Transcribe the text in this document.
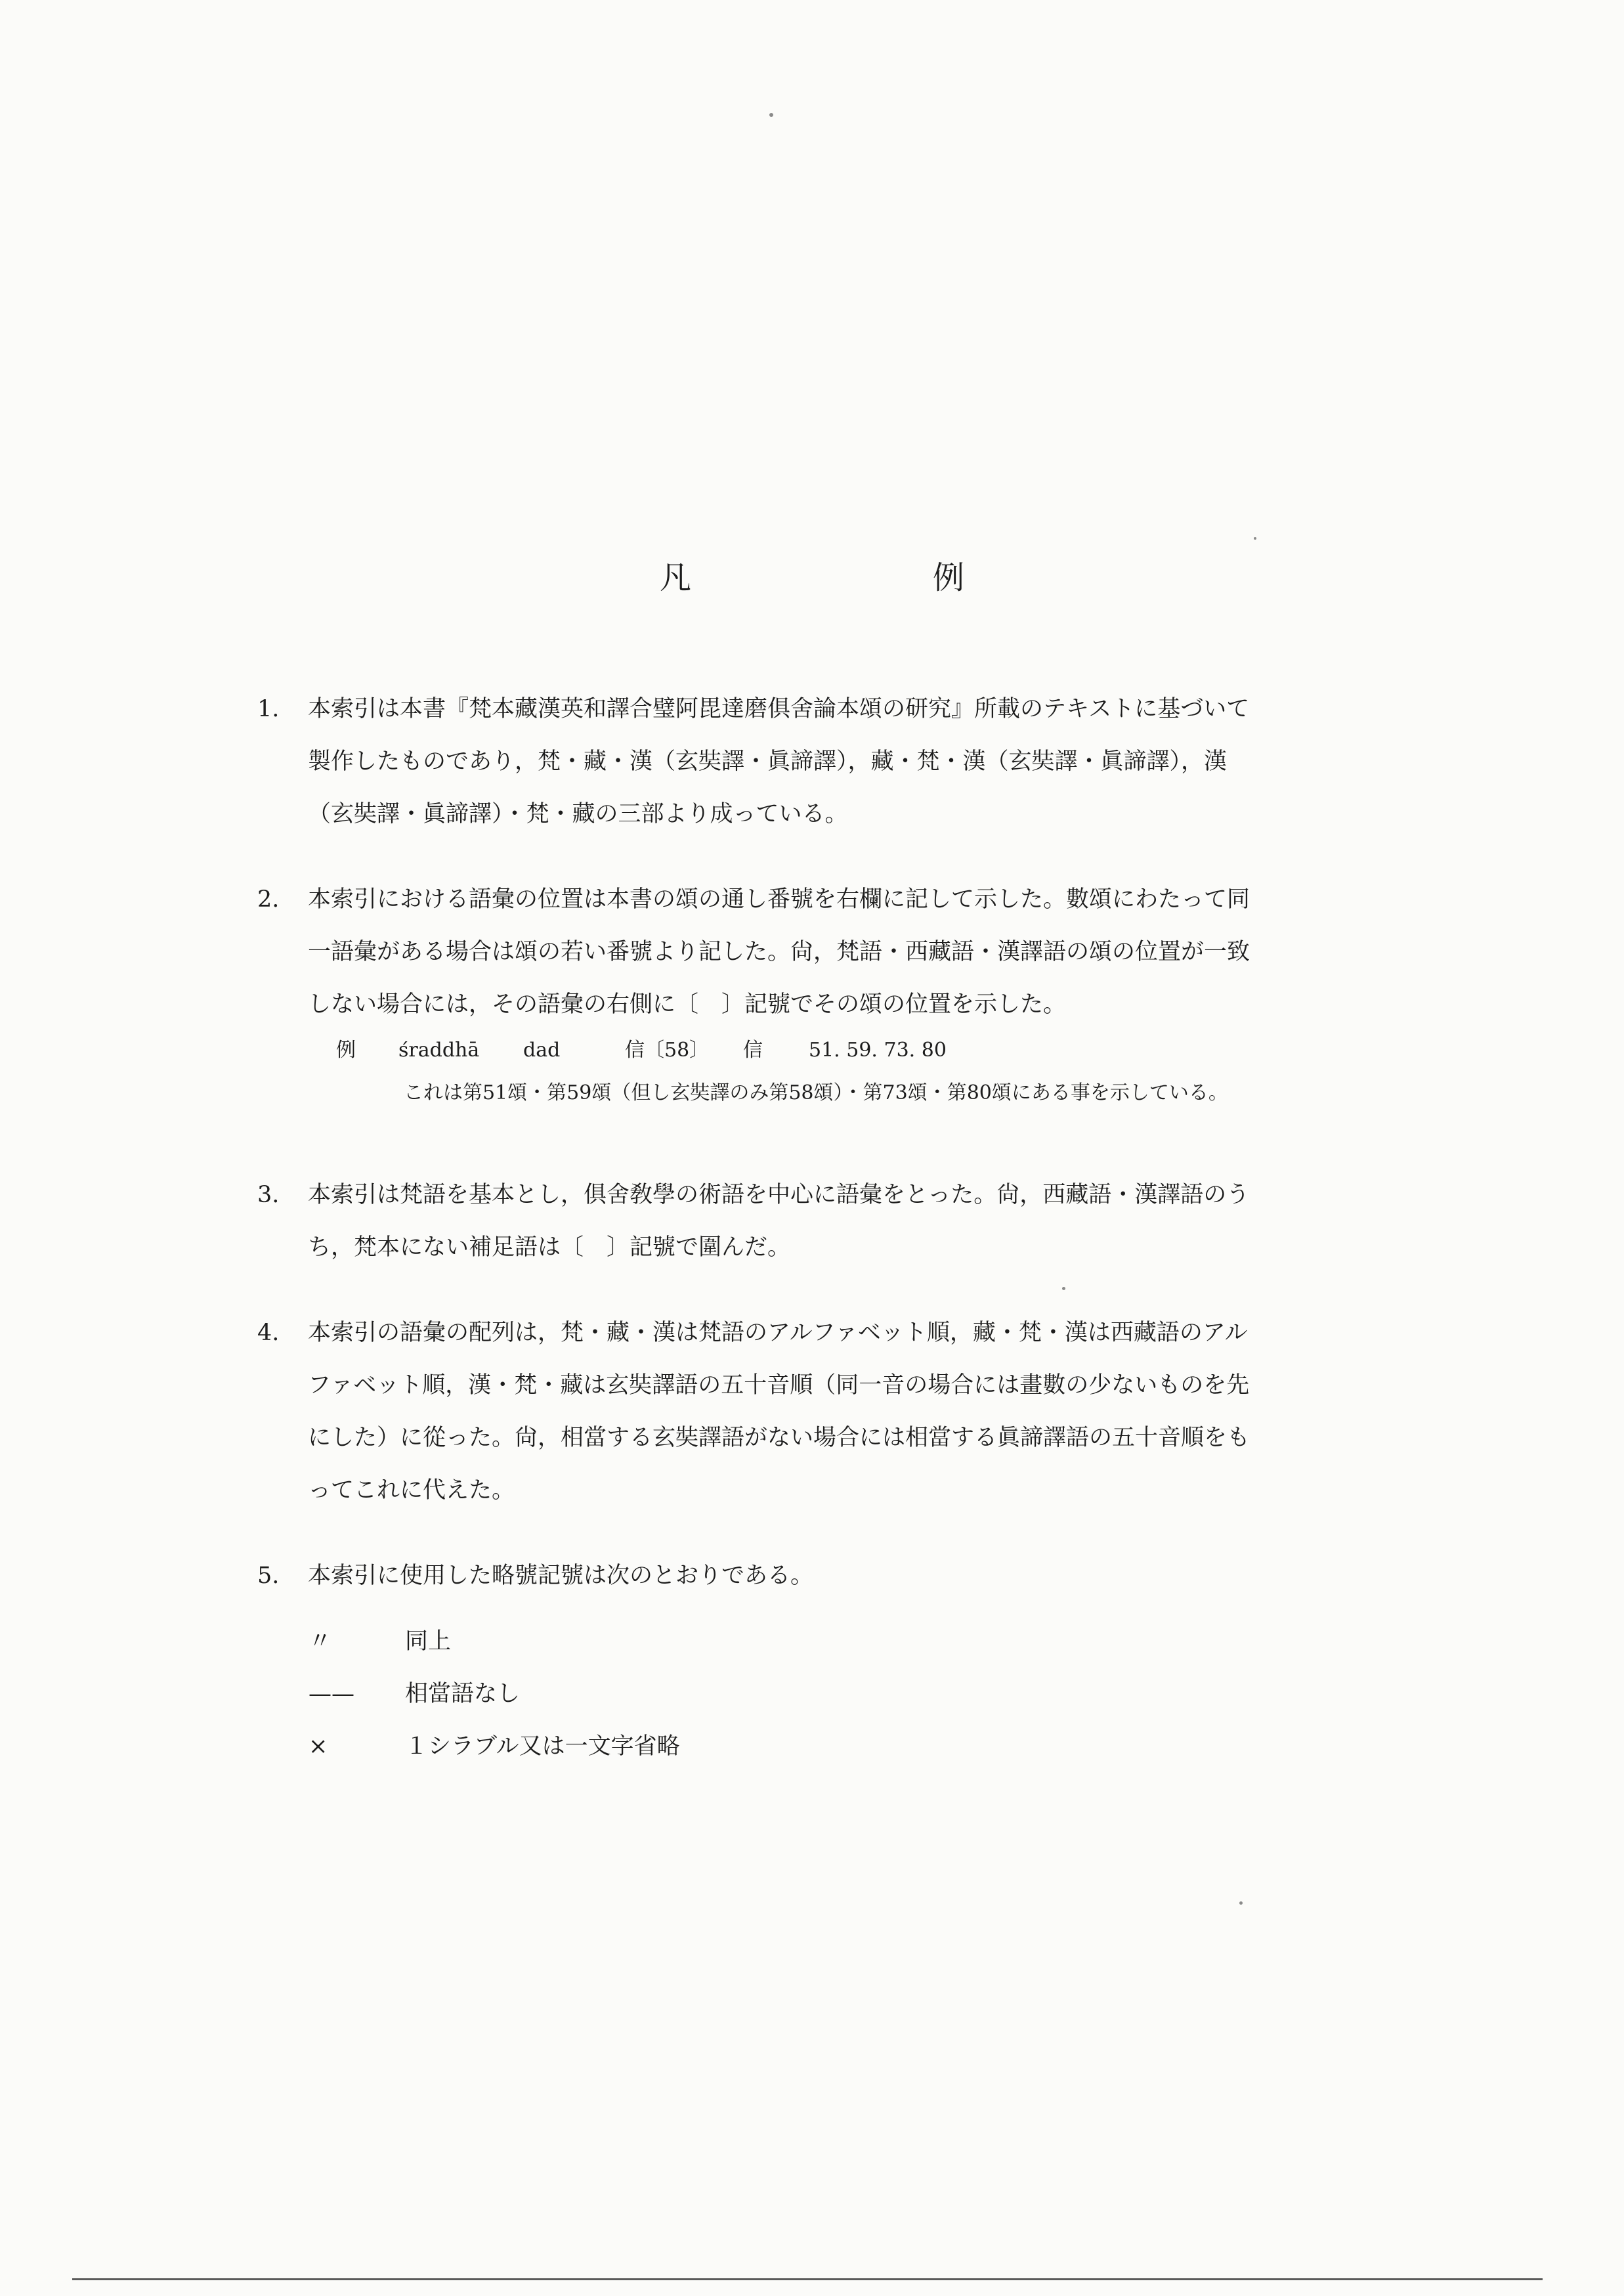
凡　例
1.	本索引は本書『梵本藏漢英和譯合璧阿毘達磨俱舍論本頌の研究』所載のテキストに基づいて
製作したものであり，梵・藏・漢（玄奘譯・眞諦譯），藏・梵・漢（玄奘譯・眞諦譯），漢
（玄奘譯・眞諦譯）・梵・藏の三部より成っている。
2.	本索引における語彙の位置は本書の頌の通し番號を右欄に記して示した。數頌にわたって同
一語彙がある場合は頌の若い番號より記した。尙，梵語・西藏語・漢譯語の頌の位置が一致
しない場合には，その語彙の右側に〔　〕記號でその頌の位置を示した。
例 śraddhā dad	信〔58〕 信 51. 59. 73. 80
これは第51頌・第59頌（但し玄奘譯のみ第58頌）・第73頌・第80頌にある事を示している。
3.	本索引は梵語を基本とし，俱舍敎學の術語を中心に語彙をとった。尙，西藏語・漢譯語のう
ち，梵本にない補足語は〔　〕記號で圍んだ。
4.	本索引の語彙の配列は，梵・藏・漢は梵語のアルファベット順，藏・梵・漢は西藏語のアル
ファベット順，漢・梵・藏は玄奘譯語の五十音順（同一音の場合には畫數の少ないものを先
にした）に從った。尙，相當する玄奘譯語がない場合には相當する眞諦譯語の五十音順をも
ってこれに代えた。
5.	本索引に使用した略號記號は次のとおりである。
〃	同上
——	相當語なし
×	１シラブル又は一文字省略
